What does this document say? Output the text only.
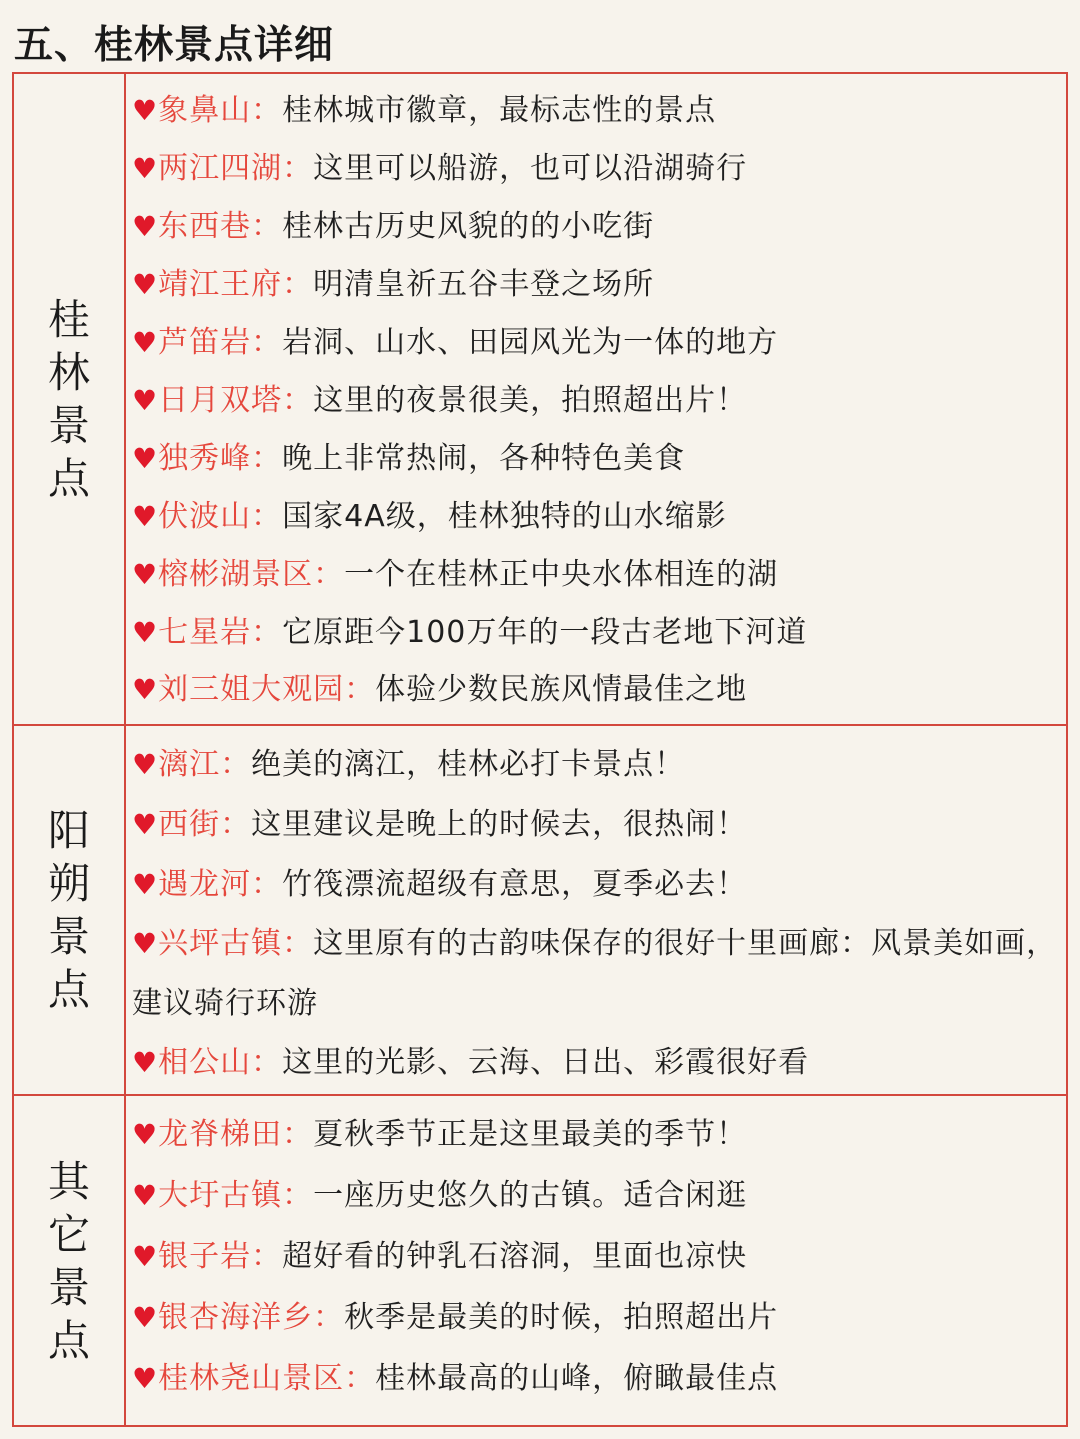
五、桂林景点详细
桂林景点
♥象鼻山：桂林城市徽章，最标志性的景点
♥两江四湖：这里可以船游，也可以沿湖骑行
♥东西巷：桂林古历史风貌的的小吃街
♥靖江王府：明清皇祈五谷丰登之场所
♥芦笛岩：岩洞、山水、田园风光为一体的地方
♥日月双塔：这里的夜景很美，拍照超出片！
♥独秀峰：晚上非常热闹，各种特色美食
♥伏波山：国家4A级，桂林独特的山水缩影
♥榕彬湖景区：一个在桂林正中央水体相连的湖
♥七星岩：它原距今100万年的一段古老地下河道
♥刘三姐大观园：体验少数民族风情最佳之地
阳朔景点
♥漓江：绝美的漓江，桂林必打卡景点！
♥西街：这里建议是晚上的时候去，很热闹！
♥遇龙河：竹筏漂流超级有意思，夏季必去！
♥兴坪古镇：这里原有的古韵味保存的很好十里画廊：风景美如画，建议骑行环游
♥相公山：这里的光影、云海、日出、彩霞很好看
其它景点
♥龙脊梯田：夏秋季节正是这里最美的季节！
♥大圩古镇：一座历史悠久的古镇。适合闲逛
♥银子岩：超好看的钟乳石溶洞，里面也凉快
♥银杏海洋乡：秋季是最美的时候，拍照超出片
♥桂林尧山景区：桂林最高的山峰，俯瞰最佳点
